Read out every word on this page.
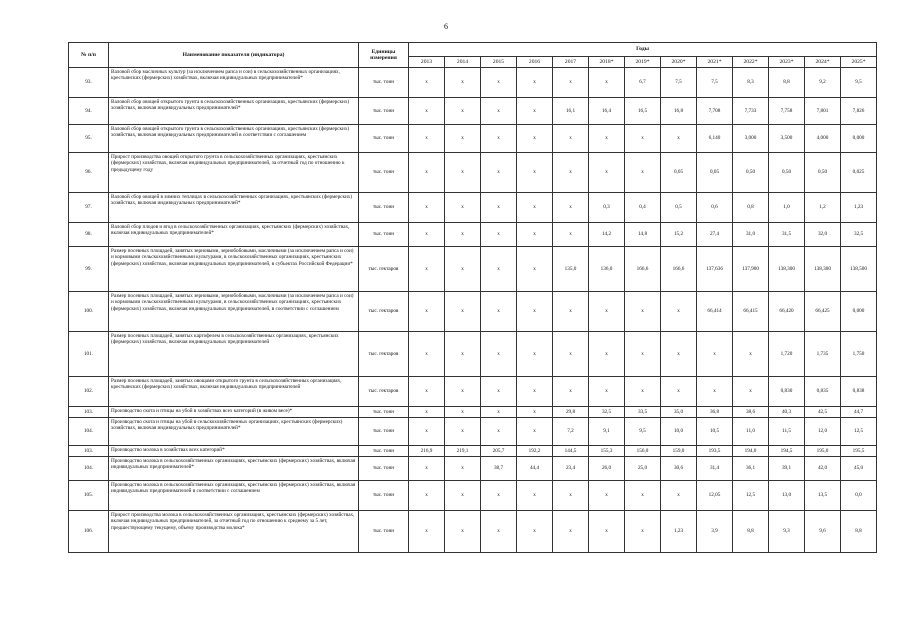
6
№ п/п	Наименование показателя (индикатора)	Единицы измерения	Годы												
			2013	2014	2015	2016	2017	2018*	2019*	2020*	2021*	2022*	2023*	2024*	2025*
93.	Валовой сбор масличных культур (за исключением рапса и сои) в сельскохозяйственных организациях, крестьянских (фермерских) хозяйствах, включая индивидуальных предпринимателей*	тыс. тонн	х	х	х	х	х	х	6,7	7,5	7,5	8,3	8,8	9,2	9,5
94.	Валовой сбор овощей открытого грунта в сельскохозяйственных организациях, крестьянских (фермерских) хозяйствах, включая индивидуальных предпринимателей*	тыс. тонн	х	х	х	х	16,1	16,4	16,5	16,8	7,708	7,733	7,758	7,801	7,826
95.	Валовой сбор овощей открытого грунта в сельскохозяйственных организациях, крестьянских (фермерских) хозяйствах, включая индивидуальных предпринимателей в соответствии с соглашением	тыс. тонн	х	х	х	х	х	х	х	х	6,140	3,000	3,500	4,000	0,000
96.	Прирост производства овощей открытого грунта в сельскохозяйственных организациях, крестьянских (фермерских) хозяйствах, включая индивидуальных предпринимателей, за отчетный год по отношению к предыдущему году	тыс. тонн	х	х	х	х	х	х	х	0,05	0,05	0,50	0,50	0,50	0,025
97.	Валовой сбор овощей в зимних теплицах в сельскохозяйственных организациях, крестьянских (фермерских) хозяйствах, включая индивидуальных предпринимателей*	тыс. тонн	х	х	х	х	х	0,3	0,4	0,5	0,6	0,8	1,0	1,2	1,23
98.	Валовой сбор плодов и ягод в сельскохозяйственных организациях, крестьянских (фермерских) хозяйствах, включая индивидуальных предпринимателей*	тыс. тонн	х	х	х	х	х	14,2	14,8	15,2	27,4	31,0	31,5	32,0	32,5
99.	Размер посевных площадей, занятых зерновыми, зернобобовыми, масличными (за исключением рапса и сои) и кормовыми сельскохозяйственными культурами, в сельскохозяйственных организациях, крестьянских (фермерских) хозяйствах, включая индивидуальных предпринимателей, в субъектах Российской Федерации*	тыс. гектаров	х	х	х	х	135,0	136,0	166,6	166,6	137,636	137,900	138,300	138,300	138,500
100.	Размер посевных площадей, занятых зерновыми, зернобобовыми, масличными (за исключением рапса и сои) и кормовыми сельскохозяйственными культурами, в сельскохозяйственных организациях, крестьянских (фермерских) хозяйствах, включая индивидуальных предпринимателей, в соответствии с соглашением	тыс. гектаров	х	х	х	х	х	х	х	х	66,414	66,415	66,420	66,425	0,000
101.	Размер посевных площадей, занятых картофелем в сельскохозяйственных организациях, крестьянских (фермерских) хозяйствах, включая индивидуальных предпринимателей	тыс. гектаров	х	х	х	х	х	х	х	х	х	х	1,720	1,735	1,750
102.	Размер посевных площадей, занятых овощами открытого грунта в сельскохозяйственных организациях, крестьянских (фермерских) хозяйствах, включая индивидуальных предпринимателей	тыс. гектаров	х	х	х	х	х	х	х	х	х	х	0,830	0,835	0,838
103.	Производство скота и птицы на убой в хозяйствах всех категорий (в живом весе)*	тыс. тонн	х	х	х	х	29,8	32,5	33,5	35,0	36,8	38,6	40,3	42,5	44,7
104.	Производство скота и птицы на убой в сельскохозяйственных организациях, крестьянских (фермерских) хозяйствах, включая индивидуальных предпринимателей*	тыс. тонн	х	х	х	х	7,2	9,1	9,5	10,0	10,5	11,0	11,5	12,0	12,5
103.	Производство молока в хозяйствах всех категорий*	тыс. тонн	216,9	219,1	205,7	192,2	144,5	155,3	156,0	159,0	193,5	194,0	194,5	195,0	195,5
104.	Производство молока в сельскохозяйственных организациях, крестьянских (фермерских) хозяйствах, включая индивидуальных предпринимателей*	тыс. тонн	х	х	38,7	44,4	23,4	26,0	25,0	30,6	31,4	36,1	39,1	42,0	45,0
105.	Производство молока в сельскохозяйственных организациях, крестьянских (фермерских) хозяйствах, включая индивидуальных предпринимателей в соответствии с соглашением	тыс. тонн	х	х	х	х	х	х	х	х	12,05	12,5	13,0	13,5	0,0
106.	Прирост производства молока в сельскохозяйственных организациях, крестьянских (фермерских) хозяйствах, включая индивидуальных предпринимателей, за отчетный год по отношению к среднему за 5 лет, предшествующему текущему, объему производства молока*	тыс. тонн	х	х	х	х	х	х	х	1,23	3,9	8,8	9,3	9,6	8,8
